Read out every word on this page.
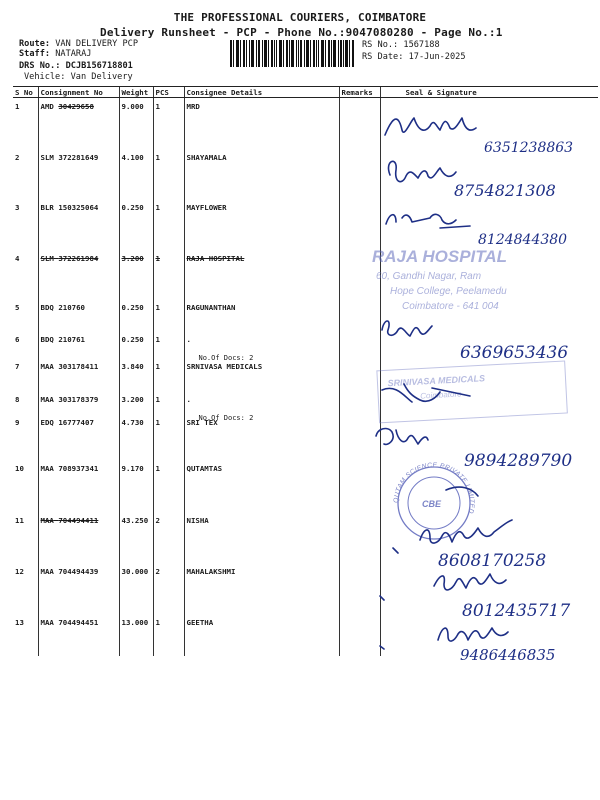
THE PROFESSIONAL COURIERS, COIMBATORE
Delivery Runsheet - PCP - Phone No.:9047080280 - Page No.:1
Route: VAN DELIVERY PCP
Staff: NATARAJ
DRS No.: DCJB156718801
Vehicle: Van Delivery
RS No.: 1567188
RS Date: 17-Jun-2025
S No	Consignment No	Weight	PCS	Consignee Details	Remarks	Seal & Signature
1	AMD 30429658	9.000	1	MRD		
2	SLM 372281649	4.100	1	SHAYAMALA		
3	BLR 150325064	0.250	1	MAYFLOWER		
4	SLM 372261984	3.200	1	RAJA HOSPITAL		
5	BDQ 210760	0.250	1	RAGUNANTHAN		
6	BDQ 210761	0.250	1	.
No.Of Docs: 2		

7	MAA 303178411	3.840	1	SRNIVASA MEDICALS		
8	MAA 303178379	3.200	1	.
No.Of Docs: 2		

9	EDQ 16777407	4.730	1	SRI TEX		
10	MAA 708937341	9.170	1	QUTAMTAS		
11	MAA 704494411	43.250	2	NISHA		
12	MAA 704494439	30.000	2	MAHALAKSHMI		
13	MAA 704494451	13.000	1	GEETHA		
RAJA HOSPITAL
60, Gandhi Nagar, Ram
Hope College, Peelamedu
Coimbatore - 641 004
SRINIVASA MEDICALS
Coimbatore
QUTAM SCIENCE PRIVATE LIMITED
CBE
6351238863
8754821308
8124844380
6369653436
9894289790
8608170258
8012435717
9486446835
